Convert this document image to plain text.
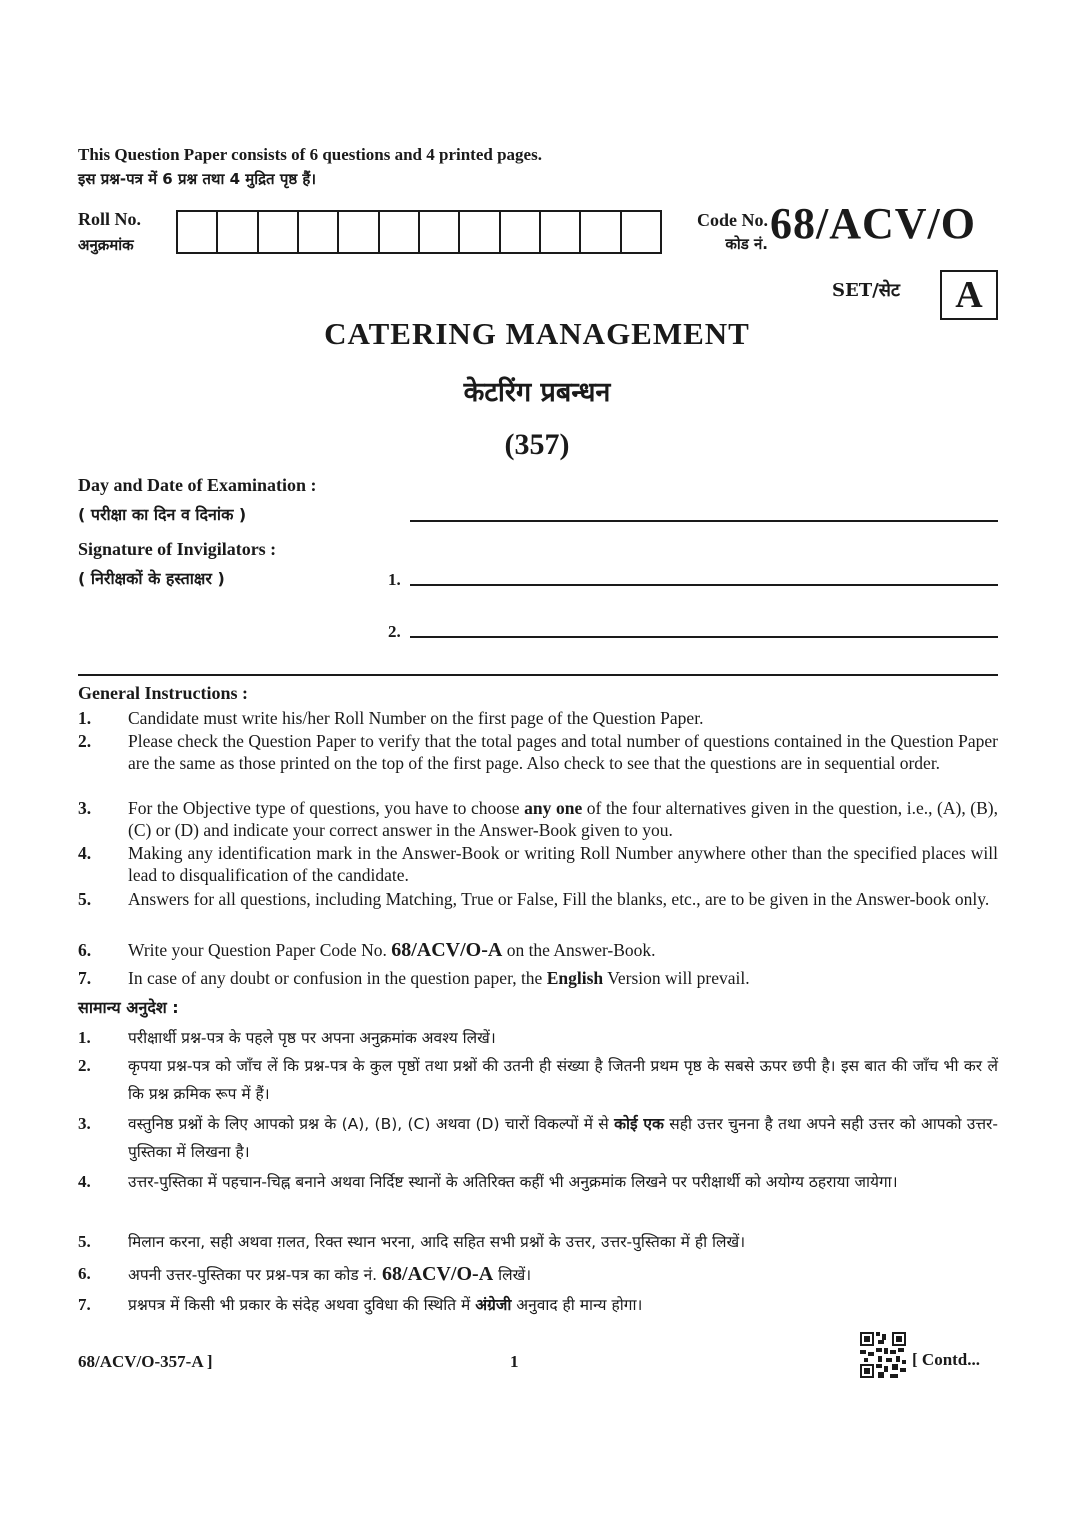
This Question Paper consists of 6 questions and 4 printed pages.
इस प्रश्न-पत्र में 6 प्रश्न तथा 4 मुद्रित पृष्ठ हैं।
Roll No.
अनुक्रमांक
Code No.
कोड नं. 68/ACV/O
SET/सेट	A
CATERING MANAGEMENT
केटरिंग प्रबन्धन
(357)
Day and Date of Examination :
( परीक्षा का दिन व दिनांक )
Signature of Invigilators :
( निरीक्षकों के हस्ताक्षर )	1.
2.
General Instructions :
1.	Candidate must write his/her Roll Number on the first page of the Question Paper.
2.	Please check the Question Paper to verify that the total pages and total number of questions contained in the Question Paper are the same as those printed on the top of the first page. Also check to see that the questions are in sequential order.
3.	For the Objective type of questions, you have to choose any one of the four alternatives given in the question, i.e., (A), (B), (C) or (D) and indicate your correct answer in the Answer-Book given to you.
4.	Making any identification mark in the Answer-Book or writing Roll Number anywhere other than the specified places will lead to disqualification of the candidate.
5.	Answers for all questions, including Matching, True or False, Fill the blanks, etc., are to be given in the Answer-book only.
6.	Write your Question Paper Code No. 68/ACV/O-A on the Answer-Book.
7.	In case of any doubt or confusion in the question paper, the English Version will prevail.
सामान्य अनुदेश :
1.	परीक्षार्थी प्रश्न-पत्र के पहले पृष्ठ पर अपना अनुक्रमांक अवश्य लिखें।
2.	कृपया प्रश्न-पत्र को जाँच लें कि प्रश्न-पत्र के कुल पृष्ठों तथा प्रश्नों की उतनी ही संख्या है जितनी प्रथम पृष्ठ के सबसे ऊपर छपी है। इस बात की जाँच भी कर लें कि प्रश्न क्रमिक रूप में हैं।
3.	वस्तुनिष्ठ प्रश्नों के लिए आपको प्रश्न के (A), (B), (C) अथवा (D) चारों विकल्पों में से कोई एक सही उत्तर चुनना है तथा अपने सही उत्तर को आपको उत्तर-पुस्तिका में लिखना है।
4.	उत्तर-पुस्तिका में पहचान-चिह्न बनाने अथवा निर्दिष्ट स्थानों के अतिरिक्त कहीं भी अनुक्रमांक लिखने पर परीक्षार्थी को अयोग्य ठहराया जायेगा।
5.	मिलान करना, सही अथवा ग़लत, रिक्त स्थान भरना, आदि सहित सभी प्रश्नों के उत्तर, उत्तर-पुस्तिका में ही लिखें।
6.	अपनी उत्तर-पुस्तिका पर प्रश्न-पत्र का कोड नं. 68/ACV/O-A लिखें।
7.	प्रश्नपत्र में किसी भी प्रकार के संदेह अथवा दुविधा की स्थिति में अंग्रेजी अनुवाद ही मान्य होगा।
68/ACV/O-357-A ]	1	[ Contd...
